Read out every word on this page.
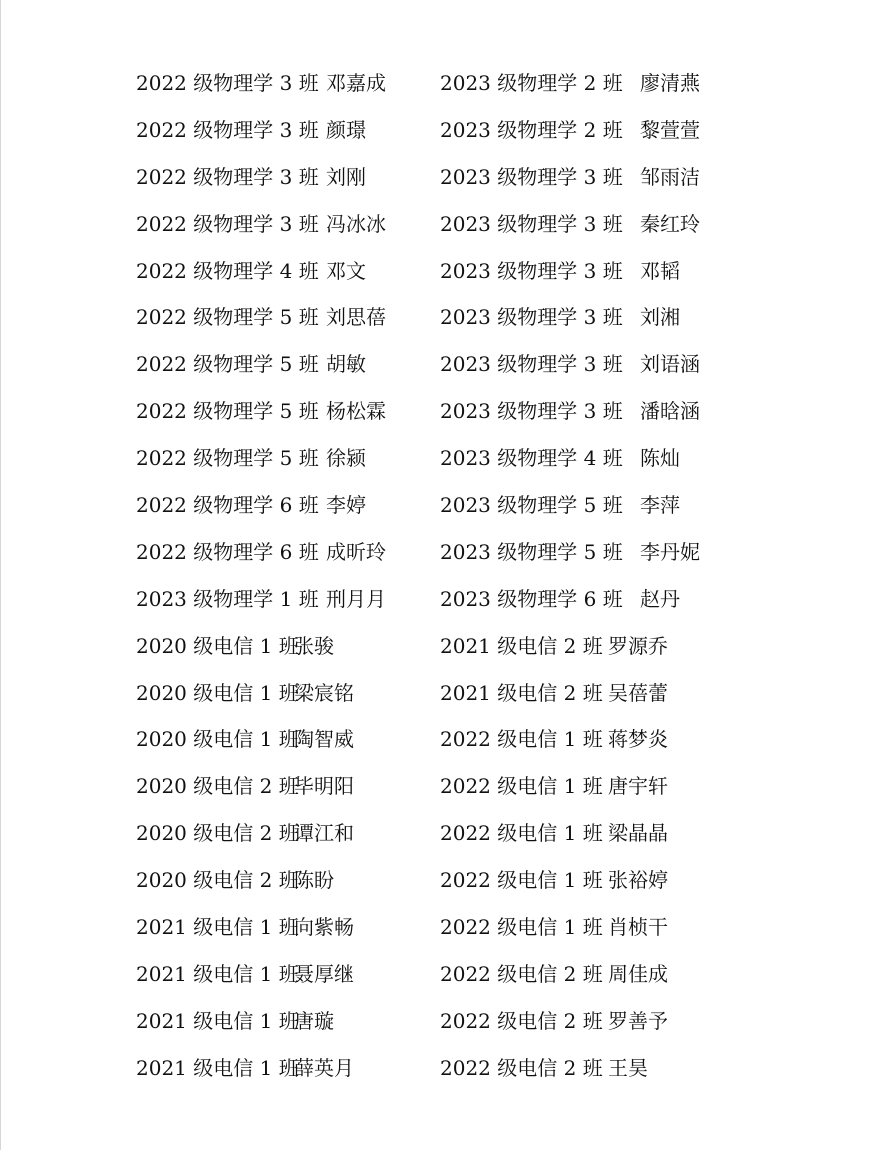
2022 级物理学 3 班 邓嘉成	2023 级物理学 2 班 廖清燕
2022 级物理学 3 班 颜璟	2023 级物理学 2 班 黎萱萱
2022 级物理学 3 班 刘刚	2023 级物理学 3 班 邹雨洁
2022 级物理学 3 班 冯冰冰	2023 级物理学 3 班 秦红玲
2022 级物理学 4 班 邓文	2023 级物理学 3 班 邓韬
2022 级物理学 5 班 刘思蓓	2023 级物理学 3 班 刘湘
2022 级物理学 5 班 胡敏	2023 级物理学 3 班 刘语涵
2022 级物理学 5 班 杨松霖	2023 级物理学 3 班 潘晗涵
2022 级物理学 5 班 徐颍	2023 级物理学 4 班 陈灿
2022 级物理学 6 班 李婷	2023 级物理学 5 班 李萍
2022 级物理学 6 班 成昕玲	2023 级物理学 5 班 李丹妮
2023 级物理学 1 班 刑月月	2023 级物理学 6 班 赵丹
2020 级电信 1 班张骏	2021 级电信 2 班 罗源乔
2020 级电信 1 班梁宸铭	2021 级电信 2 班 吴蓓蕾
2020 级电信 1 班陶智威	2022 级电信 1 班 蒋梦炎
2020 级电信 2 班毕明阳	2022 级电信 1 班 唐宇轩
2020 级电信 2 班谭江和	2022 级电信 1 班 梁晶晶
2020 级电信 2 班陈盼	2022 级电信 1 班 张裕婷
2021 级电信 1 班向紫畅	2022 级电信 1 班 肖桢干
2021 级电信 1 班聂厚继	2022 级电信 2 班 周佳成
2021 级电信 1 班唐璇	2022 级电信 2 班 罗善予
2021 级电信 1 班薛英月	2022 级电信 2 班 王昊
